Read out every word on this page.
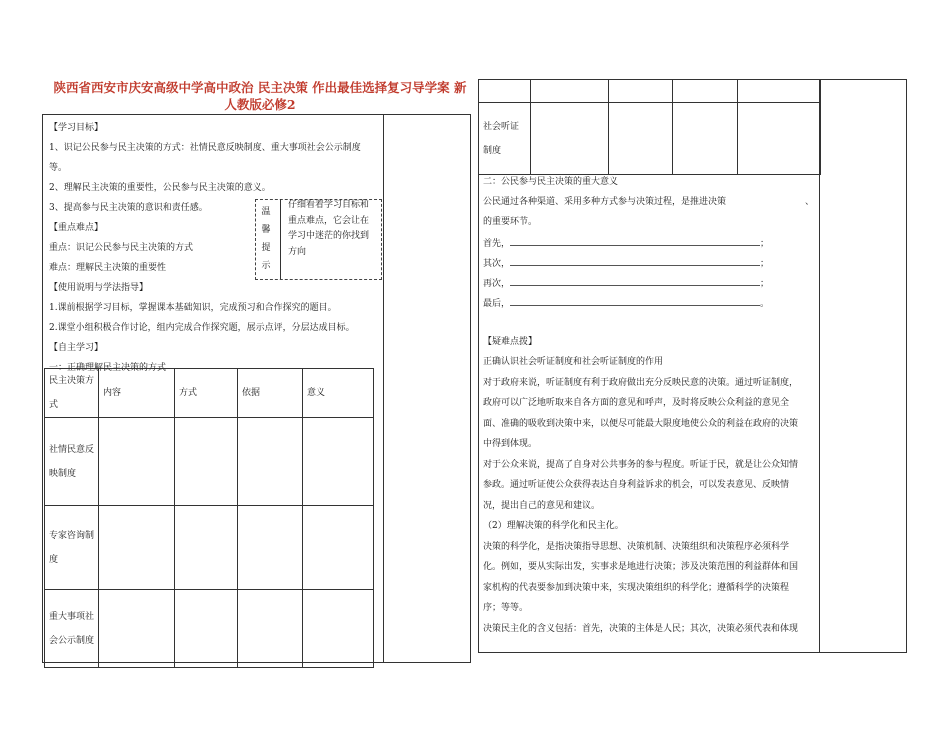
陕西省西安市庆安高级中学高中政治 民主决策 作出最佳选择复习导学案 新
人教版必修2
【学习目标】
1、识记公民参与民主决策的方式：社情民意反映制度、重大事项社会公示制度
等。
2、理解民主决策的重要性，公民参与民主决策的意义。
3、提高参与民主决策的意识和责任感。
【重点难点】
重点：识记公民参与民主决策的方式
难点：理解民主决策的重要性
【使用说明与学法指导】
1.课前根据学习目标，掌握课本基础知识，完成预习和合作探究的题目。
2.课堂小组积极合作讨论，组内完成合作探究题，展示点评，分层达成目标。
【自主学习】
一：正确理解民主决策的方式
温
馨
提
示
仔细看着学习目标和
重点难点，它会让在
学习中迷茫的你找到
方向
民主决策方式	内容	方式	依据	意义
社情民意反映制度				
专家咨询制度				
重大事项社会公示制度				

社会听证制度				
二：公民参与民主决策的重大意义
公民通过各种渠道、采用多种方式参与决策过程，是推进决策	、
的重要环节。
首先，	；
其次，	；
再次，	；
最后，	。
【疑难点拨】
正确认识社会听证制度和社会听证制度的作用
对于政府来说，听证制度有利于政府做出充分反映民意的决策。通过听证制度，
政府可以广泛地听取来自各方面的意见和呼声，及时将反映公众利益的意见全
面、准确的吸收到决策中来，以便尽可能最大限度地使公众的利益在政府的决策
中得到体现。
对于公众来说，提高了自身对公共事务的参与程度。听证于民，就是让公众知情
参政。通过听证使公众获得表达自身利益诉求的机会，可以发表意见、反映情
况，提出自己的意见和建议。
（2）理解决策的科学化和民主化。
决策的科学化，是指决策指导思想、决策机制、决策组织和决策程序必须科学
化。例如，要从实际出发，实事求是地进行决策；涉及决策范围的利益群体和国
家机构的代表要参加到决策中来，实现决策组织的科学化；遵循科学的决策程
序；等等。
决策民主化的含义包括：首先，决策的主体是人民；其次，决策必须代表和体现
